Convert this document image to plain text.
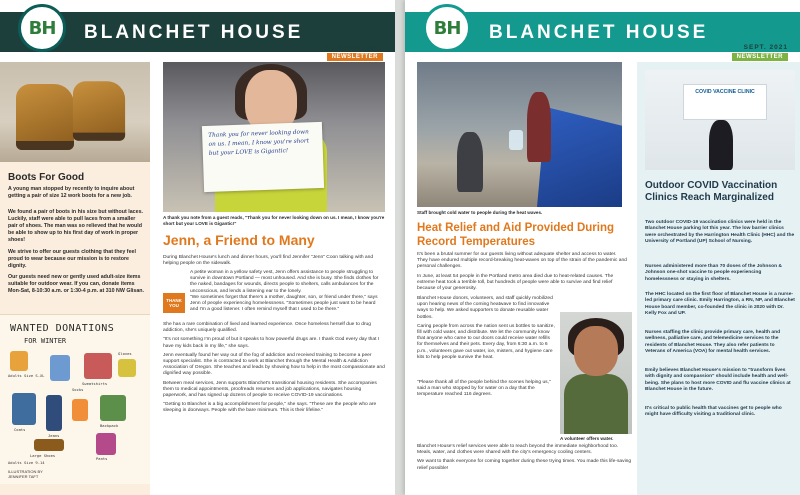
BH BLANCHET HOUSE
NOV-DEC 2021
NEWSLETTER
Boots For Good
A young man stopped by recently to inquire about getting a pair of size 12 work boots for a new job.
We found a pair of boots in his size but without laces. Luckily, staff were able to pull laces from a smaller pair of shoes. The man was so relieved that he would be able to show up to his first day of work in proper shoes!
We strive to offer our guests clothing that they feel proud to wear because our mission is to restore dignity.
Our guests need new or gently used adult-size items suitable for outdoor wear. If you can, donate items Mon-Sat, 8-10:30 a.m. or 1:30-4 p.m. at 310 NW Glisan.
WANTED DONATIONS
FOR WINTER
Adults Size S-XL
Coats
Socks
Jeans
Pants
Sweatshirts
Gloves
Large Shoes
Backpack
Adults Size 9-14
ILLUSTRATION BY
JENNIFER TAFT
Thank you for never looking down on us. I mean, I know you're short but your LOVE is Gigantic!
A thank you note from a guest reads, "Thank you for never looking down on us. I mean, I know you're short but your LOVE is Gigantic!"
Jenn, a Friend to Many
During Blanchet House's lunch and dinner hours, you'll find Jennifer "Jenn" Coon talking with and helping people on the sidewalk.
A petite woman in a yellow safety vest, Jenn offers assistance to people struggling to survive in downtown Portland — most unhoused. And she is busy. She finds clothes for the naked, bandages for wounds, directs people to shelters, calls ambulances for the unconscious, and lends a listening ear to the lonely.
THANK YOU
"We sometimes forget that there's a mother, daughter, son, or friend under there," says Jenn of people experiencing homelessness. "Sometimes people just want to be heard and I'm a good listener. I often remind myself that I used to be there."

She has a rare combination of lived and learned experience. Once homeless herself due to drug addiction, she's uniquely qualified.

"It's not something I'm proud of but it speaks to how powerful drugs are. I thank God every day that I have my kids back in my life," she says.

Jenn eventually found her way out of the fog of addiction and received training to become a peer support specialist. She is contracted to work at Blanchet through the Mental Health & Addiction Association of Oregon. She teaches and leads by showing how to help in the most compassionate and dignified way possible.

Between meal services, Jenn supports Blanchet's transitional housing residents. She accompanies them to medical appointments, proofreads resumes and job applications, navigates housing paperwork, and has signed up dozens of people to receive COVID-19 vaccinations.

"Getting to Blanchet is a big accomplishment for people," she says. "These are the people who are sleeping in doorways. People with the bare minimum. This is their lifeline."

BH BLANCHET HOUSE
SEPT. 2021
NEWSLETTER
Staff brought cold water to people during the heat waves.
Heat Relief and Aid Provided During Record Temperatures

It's been a brutal summer for our guests living without adequate shelter and access to water. They have endured multiple record-breaking heat-waves on top of the strain of the pandemic and personal challenges.

In June, at least 54 people in the Portland metro area died due to heat-related causes. The extreme heat took a terrible toll, but hundreds of people were able to survive and find relief because of your generosity.

Blanchet House donors, volunteers, and staff quickly mobilized upon hearing news of the coming heatwave to find innovative ways to help. We asked supporters to donate reusable water bottles.

Caring people from across the nation sent us bottles to sanitize, fill with cold water, and distribute. We let the community know that anyone who came to our doors could receive water refills for themselves and their pets. Every day, from 6:30 a.m. to 6 p.m., volunteers gave out water, ice, misters, and hygiene care kits to help people survive the heat.

A volunteer offers water.

"Please thank all of the people behind the scenes helping us," said a man who stopped by for water on a day that the temperature reached 116 degrees.

Blanchet House's relief services were able to reach beyond the immediate neighborhood too. Meals, water, and clothes were shared with the city's emergency cooling centers.

We want to thank everyone for coming together during these trying times. You made this life-saving relief possible!

COVID VACCINE CLINIC
Outdoor COVID Vaccination Clinics Reach Marginalized
Two outdoor COVID-19 vaccination clinics were held in the Blanchet House parking lot this year. The low barrier clinics were orchestrated by the Harrington Health Clinic (HHC) and the University of Portland (UP) School of Nursing.
Nurses administered more than 70 doses of the Johnson & Johnson one-shot vaccine to people experiencing homelessness or staying in shelters.
The HHC located on the first floor of Blanchet House is a nurse-led primary care clinic. Emily Harrington, a RN, NP, and Blanchet House board member, co-founded the clinic in 2020 with Dr. Kelly Fox and UP.
Nurses staffing the clinic provide primary care, health and wellness, palliative care, and telemedicine services to the residents of Blanchet House. They also refer patients to Veterans of America (VOA) for mental health services.
Emily believes Blanchet House's mission to "transform lives with dignity and compassion" should include health and well-being. She plans to host more COVID and flu vaccine clinics at Blanchet House in the future.
It's critical to public health that vaccines get to people who might have difficulty visiting a traditional clinic.
